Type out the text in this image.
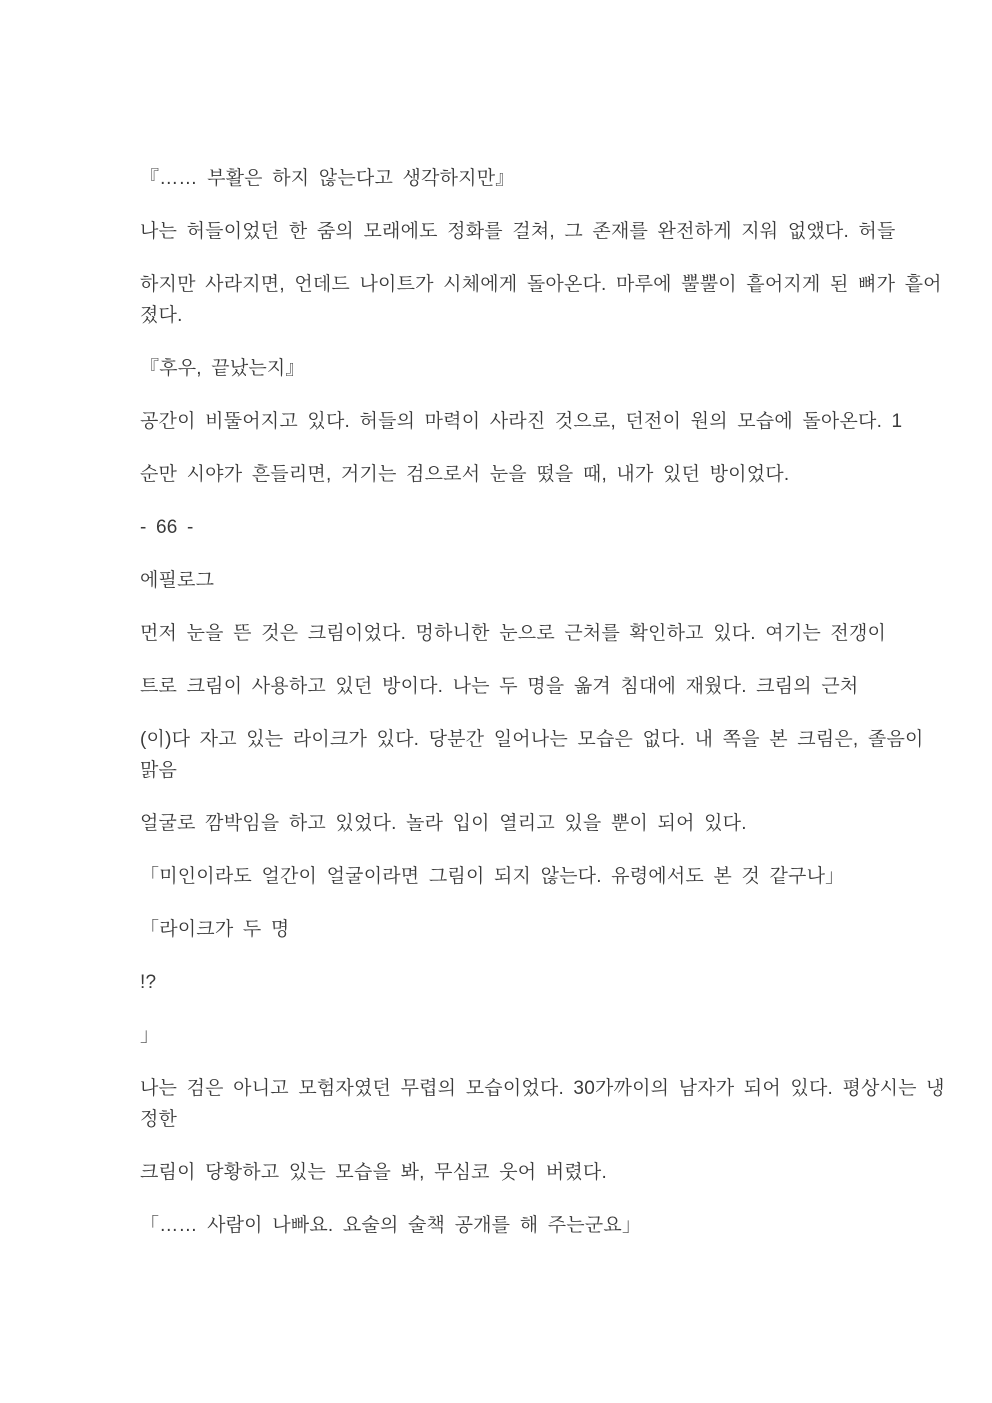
『…… 부활은 하지 않는다고 생각하지만』

나는 허들이었던 한 줌의 모래에도 정화를 걸쳐, 그 존재를 완전하게 지워 없앴다. 허들

하지만 사라지면, 언데드 나이트가 시체에게 돌아온다. 마루에 뿔뿔이 흩어지게 된 뼈가 흩어

졌다.

『후우, 끝났는지』

공간이 비뚤어지고 있다. 허들의 마력이 사라진 것으로, 던전이 원의 모습에 돌아온다. 1

순만 시야가 흔들리면, 거기는 검으로서 눈을 떴을 때, 내가 있던 방이었다.

- 66 -

에필로그

먼저 눈을 뜬 것은 크림이었다. 멍하니한 눈으로 근처를 확인하고 있다. 여기는 전갱이

트로 크림이 사용하고 있던 방이다. 나는 두 명을 옮겨 침대에 재웠다. 크림의 근처

(이)다 자고 있는 라이크가 있다. 당분간 일어나는 모습은 없다. 내 쪽을 본 크림은, 졸음이

맑음

얼굴로 깜박임을 하고 있었다. 놀라 입이 열리고 있을 뿐이 되어 있다.

「미인이라도 얼간이 얼굴이라면 그림이 되지 않는다. 유령에서도 본 것 같구나」

「라이크가 두 명

!?

」

나는 검은 아니고 모험자였던 무렵의 모습이었다. 30가까이의 남자가 되어 있다. 평상시는 냉

정한

크림이 당황하고 있는 모습을 봐, 무심코 웃어 버렸다.

「…… 사람이 나빠요. 요술의 술책 공개를 해 주는군요」
